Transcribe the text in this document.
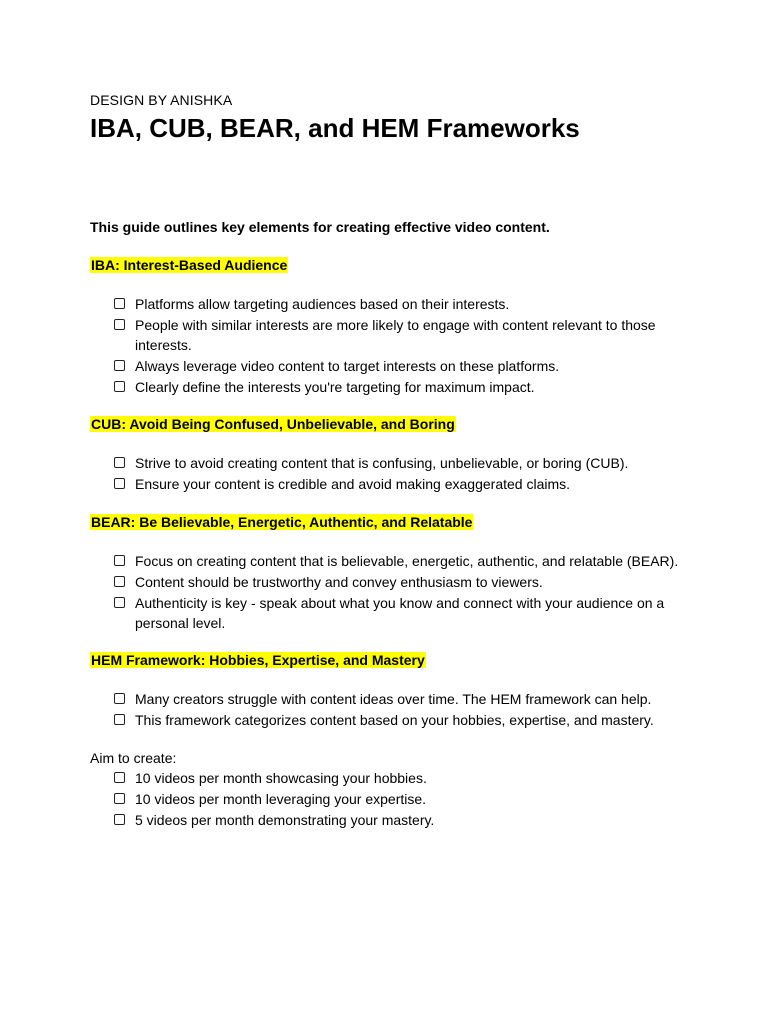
DESIGN BY ANISHKA
IBA, CUB, BEAR, and HEM Frameworks
This guide outlines key elements for creating effective video content.
IBA: Interest-Based Audience
Platforms allow targeting audiences based on their interests.
People with similar interests are more likely to engage with content relevant to those interests.
Always leverage video content to target interests on these platforms.
Clearly define the interests you're targeting for maximum impact.
CUB: Avoid Being Confused, Unbelievable, and Boring
Strive to avoid creating content that is confusing, unbelievable, or boring (CUB).
Ensure your content is credible and avoid making exaggerated claims.
BEAR: Be Believable, Energetic, Authentic, and Relatable
Focus on creating content that is believable, energetic, authentic, and relatable (BEAR).
Content should be trustworthy and convey enthusiasm to viewers.
Authenticity is key - speak about what you know and connect with your audience on a personal level.
HEM Framework: Hobbies, Expertise, and Mastery
Many creators struggle with content ideas over time. The HEM framework can help.
This framework categorizes content based on your hobbies, expertise, and mastery.
Aim to create:
10 videos per month showcasing your hobbies.
10 videos per month leveraging your expertise.
5 videos per month demonstrating your mastery.
